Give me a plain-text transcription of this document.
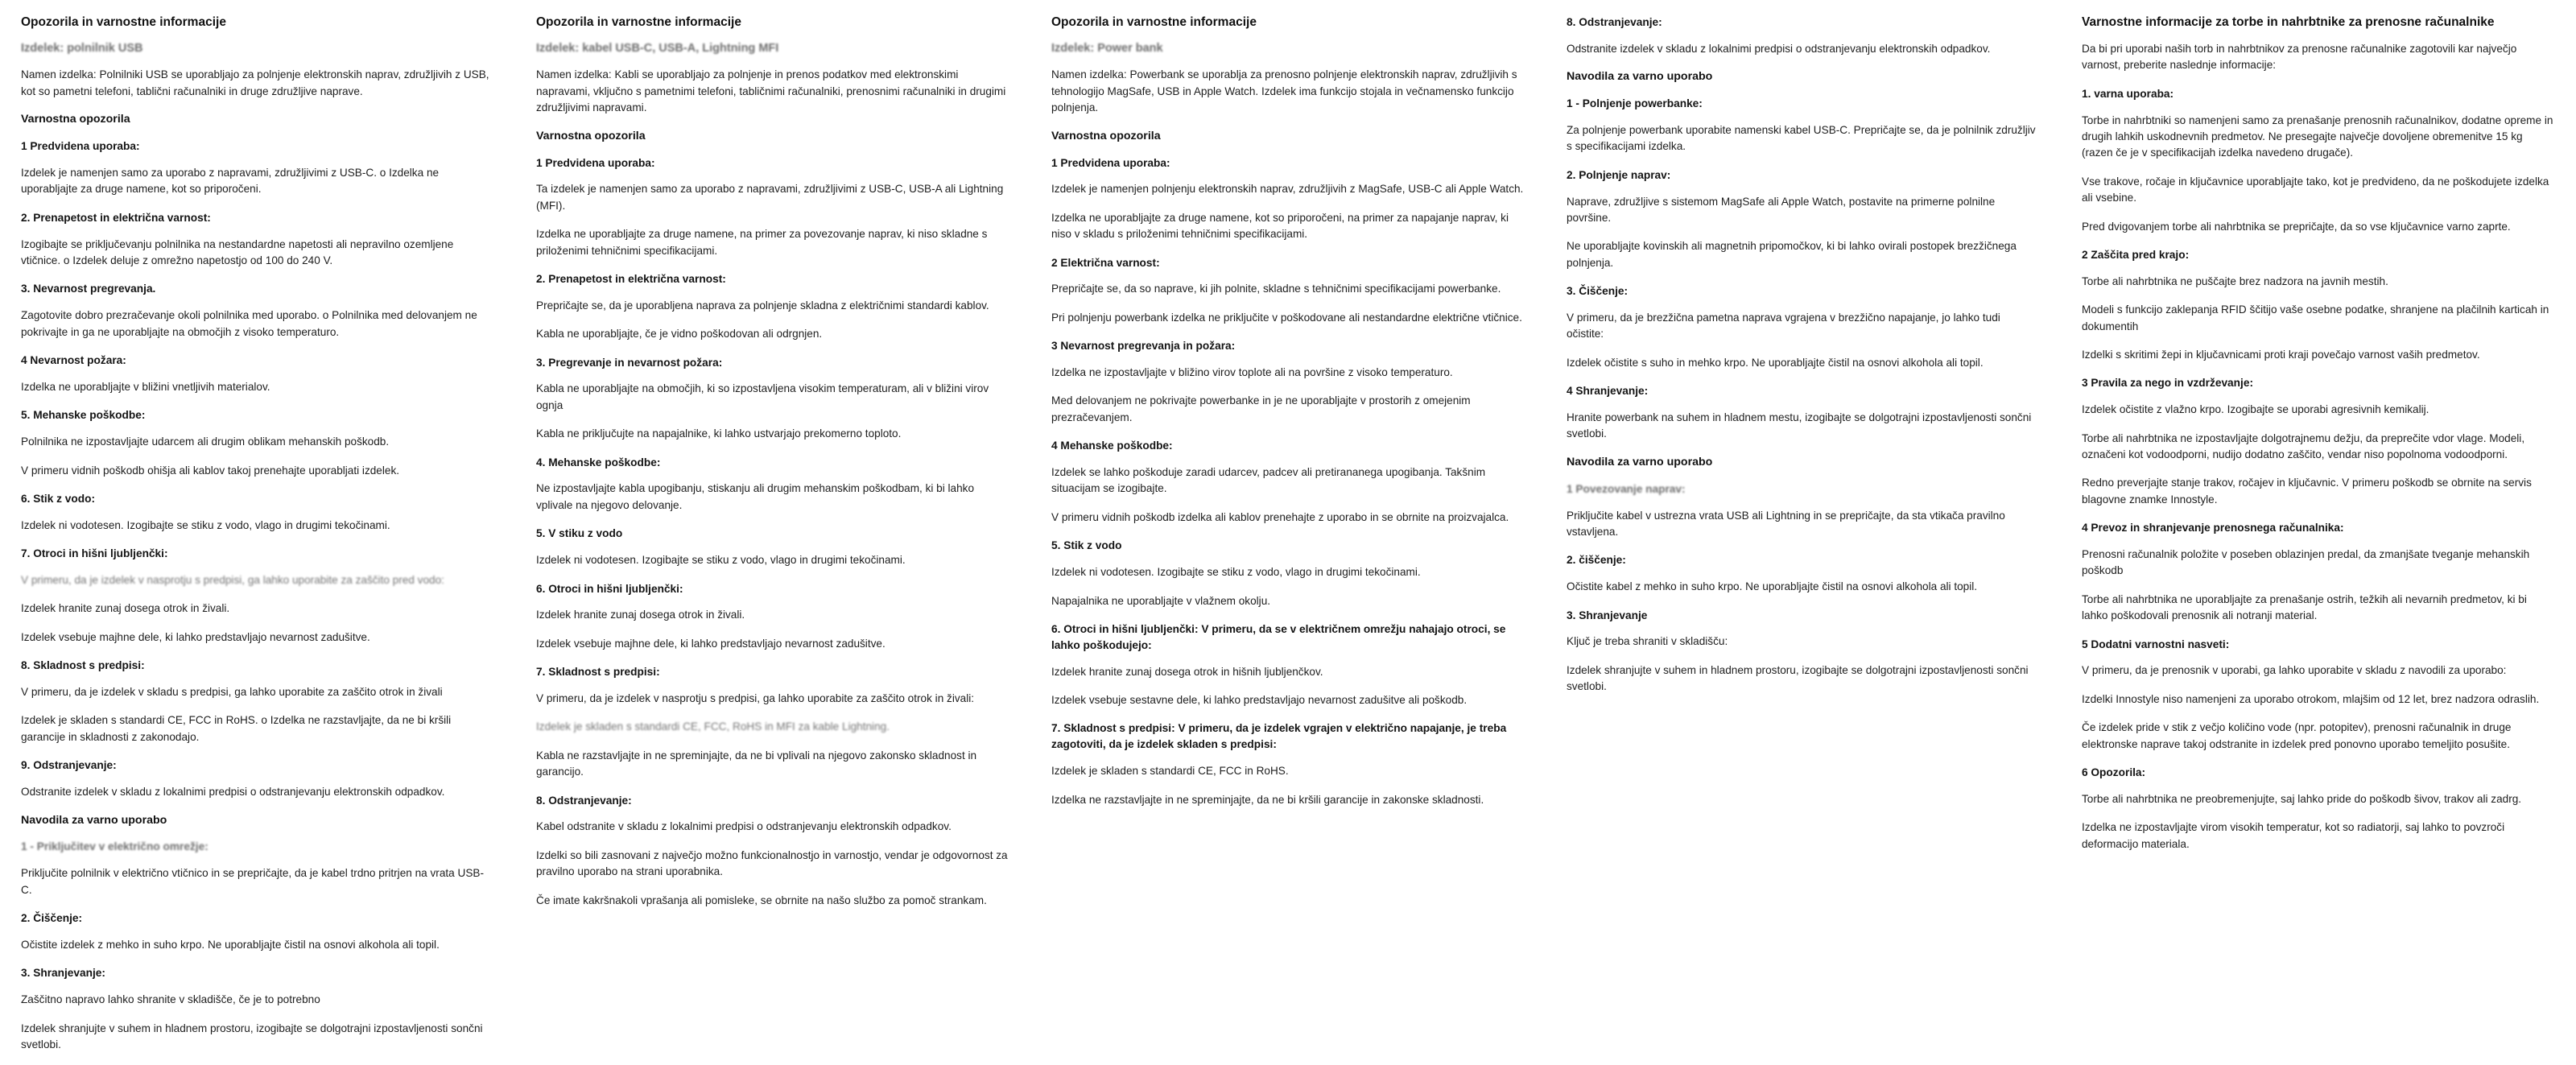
Opozorila in varnostne informacije
Izdelek: polnilnik USB
Namen izdelka: Polnilniki USB se uporabljajo za polnjenje elektronskih naprav, združljivih z USB, kot so pametni telefoni, tablični računalniki in druge združljive naprave.
Varnostna opozorila
1 Predvidena uporaba:
Izdelek je namenjen samo za uporabo z napravami, združljivimi z USB-C. o Izdelka ne uporabljajte za druge namene, kot so priporočeni.
2. Prenapetost in električna varnost:
Izogibajte se priključevanju polnilnika na nestandardne napetosti ali nepravilno ozemljene vtičnice. o Izdelek deluje z omrežno napetostjo od 100 do 240 V.
3. Nevarnost pregrevanja.
Zagotovite dobro prezračevanje okoli polnilnika med uporabo. o Polnilnika med delovanjem ne pokrivajte in ga ne uporabljajte na območjih z visoko temperaturo.
4 Nevarnost požara:
Izdelka ne uporabljajte v bližini vnetljivih materialov.
5. Mehanske poškodbe:
Polnilnika ne izpostavljajte udarcem ali drugim oblikam mehanskih poškodb.
V primeru vidnih poškodb ohišja ali kablov takoj prenehajte uporabljati izdelek.
6. Stik z vodo:
Izdelek ni vodotesen. Izogibajte se stiku z vodo, vlago in drugimi tekočinami.
7. Otroci in hišni ljubljenčki:
V primeru, da je izdelek v nasprotju s predpisi, ga lahko uporabite za zaščito pred vodo:
Izdelek hranite zunaj dosega otrok in živali.
Izdelek vsebuje majhne dele, ki lahko predstavljajo nevarnost zadušitve.
8. Skladnost s predpisi:
V primeru, da je izdelek v skladu s predpisi, ga lahko uporabite za zaščito otrok in živali
Izdelek je skladen s standardi CE, FCC in RoHS. o Izdelka ne razstavljajte, da ne bi kršili garancije in skladnosti z zakonodajo.
9. Odstranjevanje:
Odstranite izdelek v skladu z lokalnimi predpisi o odstranjevanju elektronskih odpadkov.
Navodila za varno uporabo
1 - Priključitev v električno omrežje:
Priključite polnilnik v električno vtičnico in se prepričajte, da je kabel trdno pritrjen na vrata USB-C.
2. Čiščenje:
Očistite izdelek z mehko in suho krpo. Ne uporabljajte čistil na osnovi alkohola ali topil.
3. Shranjevanje:
Zaščitno napravo lahko shranite v skladišče, če je to potrebno
Izdelek shranjujte v suhem in hladnem prostoru, izogibajte se dolgotrajni izpostavljenosti sončni svetlobi.
Opozorila in varnostne informacije
Izdelek: kabel USB-C, USB-A, Lightning MFI
Namen izdelka: Kabli se uporabljajo za polnjenje in prenos podatkov med elektronskimi napravami, vključno s pametnimi telefoni, tabličnimi računalniki, prenosnimi računalniki in drugimi združljivimi napravami.
Varnostna opozorila
1 Predvidena uporaba:
Ta izdelek je namenjen samo za uporabo z napravami, združljivimi z USB-C, USB-A ali Lightning (MFI).
Izdelka ne uporabljajte za druge namene, na primer za povezovanje naprav, ki niso skladne s priloženimi tehničnimi specifikacijami.
2. Prenapetost in električna varnost:
Prepričajte se, da je uporabljena naprava za polnjenje skladna z električnimi standardi kablov.
Kabla ne uporabljajte, če je vidno poškodovan ali odrgnjen.
3. Pregrevanje in nevarnost požara:
Kabla ne uporabljajte na območjih, ki so izpostavljena visokim temperaturam, ali v bližini virov ognja
Kabla ne priključujte na napajalnike, ki lahko ustvarjajo prekomerno toploto.
4. Mehanske poškodbe:
Ne izpostavljajte kabla upogibanju, stiskanju ali drugim mehanskim poškodbam, ki bi lahko vplivale na njegovo delovanje.
5. V stiku z vodo
Izdelek ni vodotesen. Izogibajte se stiku z vodo, vlago in drugimi tekočinami.
6. Otroci in hišni ljubljenčki:
Izdelek hranite zunaj dosega otrok in živali.
Izdelek vsebuje majhne dele, ki lahko predstavljajo nevarnost zadušitve.
7. Skladnost s predpisi:
V primeru, da je izdelek v nasprotju s predpisi, ga lahko uporabite za zaščito otrok in živali:
Izdelek je skladen s standardi CE, FCC, RoHS in MFI za kable Lightning.
Kabla ne razstavljajte in ne spreminjajte, da ne bi vplivali na njegovo zakonsko skladnost in garancijo.
8. Odstranjevanje:
Kabel odstranite v skladu z lokalnimi predpisi o odstranjevanju elektronskih odpadkov.
Izdelki so bili zasnovani z največjo možno funkcionalnostjo in varnostjo, vendar je odgovornost za pravilno uporabo na strani uporabnika.
Če imate kakršnakoli vprašanja ali pomisleke, se obrnite na našo službo za pomoč strankam.
Opozorila in varnostne informacije
Izdelek: Power bank
Namen izdelka: Powerbank se uporablja za prenosno polnjenje elektronskih naprav, združljivih s tehnologijo MagSafe, USB in Apple Watch. Izdelek ima funkcijo stojala in večnamensko funkcijo polnjenja.
Varnostna opozorila
1 Predvidena uporaba:
Izdelek je namenjen polnjenju elektronskih naprav, združljivih z MagSafe, USB-C ali Apple Watch.
Izdelka ne uporabljajte za druge namene, kot so priporočeni, na primer za napajanje naprav, ki niso v skladu s priloženimi tehničnimi specifikacijami.
2 Električna varnost:
Prepričajte se, da so naprave, ki jih polnite, skladne s tehničnimi specifikacijami powerbanke.
Pri polnjenju powerbank izdelka ne priključite v poškodovane ali nestandardne električne vtičnice.
3 Nevarnost pregrevanja in požara:
Izdelka ne izpostavljajte v bližino virov toplote ali na površine z visoko temperaturo.
Med delovanjem ne pokrivajte powerbanke in je ne uporabljajte v prostorih z omejenim prezračevanjem.
4 Mehanske poškodbe:
Izdelek se lahko poškoduje zaradi udarcev, padcev ali pretirananega upogibanja. Takšnim situacijam se izogibajte.
V primeru vidnih poškodb izdelka ali kablov prenehajte z uporabo in se obrnite na proizvajalca.
5. Stik z vodo
Izdelek ni vodotesen. Izogibajte se stiku z vodo, vlago in drugimi tekočinami.
Napajalnika ne uporabljajte v vlažnem okolju.
6. Otroci in hišni ljubljenčki: V primeru, da se v električnem omrežju nahajajo otroci, se lahko poškodujejo:
Izdelek hranite zunaj dosega otrok in hišnih ljubljenčkov.
Izdelek vsebuje sestavne dele, ki lahko predstavljajo nevarnost zadušitve ali poškodb.
7. Skladnost s predpisi: V primeru, da je izdelek vgrajen v električno napajanje, je treba zagotoviti, da je izdelek skladen s predpisi:
Izdelek je skladen s standardi CE, FCC in RoHS.
Izdelka ne razstavljajte in ne spreminjajte, da ne bi kršili garancije in zakonske skladnosti.
8. Odstranjevanje:
Odstranite izdelek v skladu z lokalnimi predpisi o odstranjevanju elektronskih odpadkov.
Navodila za varno uporabo
1 - Polnjenje powerbanke:
Za polnjenje powerbank uporabite namenski kabel USB-C. Prepričajte se, da je polnilnik združljiv s specifikacijami izdelka.
2. Polnjenje naprav:
Naprave, združljive s sistemom MagSafe ali Apple Watch, postavite na primerne polnilne površine.
Ne uporabljajte kovinskih ali magnetnih pripomočkov, ki bi lahko ovirali postopek brezžičnega polnjenja.
3. Čiščenje:
V primeru, da je brezžična pametna naprava vgrajena v brezžično napajanje, jo lahko tudi očistite:
Izdelek očistite s suho in mehko krpo. Ne uporabljajte čistil na osnovi alkohola ali topil.
4 Shranjevanje:
Hranite powerbank na suhem in hladnem mestu, izogibajte se dolgotrajni izpostavljenosti sončni svetlobi.
Navodila za varno uporabo
1 Povezovanje naprav:
Priključite kabel v ustrezna vrata USB ali Lightning in se prepričajte, da sta vtikača pravilno vstavljena.
2. čiščenje:
Očistite kabel z mehko in suho krpo. Ne uporabljajte čistil na osnovi alkohola ali topil.
3. Shranjevanje
Ključ je treba shraniti v skladišču:
Izdelek shranjujte v suhem in hladnem prostoru, izogibajte se dolgotrajni izpostavljenosti sončni svetlobi.
Varnostne informacije za torbe in nahrbtnike za prenosne računalnike
Da bi pri uporabi naših torb in nahrbtnikov za prenosne računalnike zagotovili kar največjo varnost, preberite naslednje informacije:
1. varna uporaba:
Torbe in nahrbtniki so namenjeni samo za prenašanje prenosnih računalnikov, dodatne opreme in drugih lahkih uskodnevnih predmetov. Ne presegajte največje dovoljene obremenitve 15 kg (razen če je v specifikacijah izdelka navedeno drugače).
Vse trakove, ročaje in ključavnice uporabljajte tako, kot je predvideno, da ne poškodujete izdelka ali vsebine.
Pred dvigovanjem torbe ali nahrbtnika se prepričajte, da so vse ključavnice varno zaprte.
2 Zaščita pred krajo:
Torbe ali nahrbtnika ne puščajte brez nadzora na javnih mestih.
Modeli s funkcijo zaklepanja RFID ščitijo vaše osebne podatke, shranjene na plačilnih karticah in dokumentih
Izdelki s skritimi žepi in ključavnicami proti kraji povečajo varnost vaših predmetov.
3 Pravila za nego in vzdrževanje:
Izdelek očistite z vlažno krpo. Izogibajte se uporabi agresivnih kemikalij.
Torbe ali nahrbtnika ne izpostavljajte dolgotrajnemu dežju, da preprečite vdor vlage. Modeli, označeni kot vodoodporni, nudijo dodatno zaščito, vendar niso popolnoma vodoodporni.
Redno preverjajte stanje trakov, ročajev in ključavnic. V primeru poškodb se obrnite na servis blagovne znamke Innostyle.
4 Prevoz in shranjevanje prenosnega računalnika:
Prenosni računalnik položite v poseben oblazinjen predal, da zmanjšate tveganje mehanskih poškodb
Torbe ali nahrbtnika ne uporabljajte za prenašanje ostrih, težkih ali nevarnih predmetov, ki bi lahko poškodovali prenosnik ali notranji material.
5 Dodatni varnostni nasveti:
V primeru, da je prenosnik v uporabi, ga lahko uporabite v skladu z navodili za uporabo:
Izdelki Innostyle niso namenjeni za uporabo otrokom, mlajšim od 12 let, brez nadzora odraslih.
Če izdelek pride v stik z večjo količino vode (npr. potopitev), prenosni računalnik in druge elektronske naprave takoj odstranite in izdelek pred ponovno uporabo temeljito posušite.
6 Opozorila:
Torbe ali nahrbtnika ne preobremenjujte, saj lahko pride do poškodb šivov, trakov ali zadrg.
Izdelka ne izpostavljajte virom visokih temperatur, kot so radiatorji, saj lahko to povzroči deformacijo materiala.
